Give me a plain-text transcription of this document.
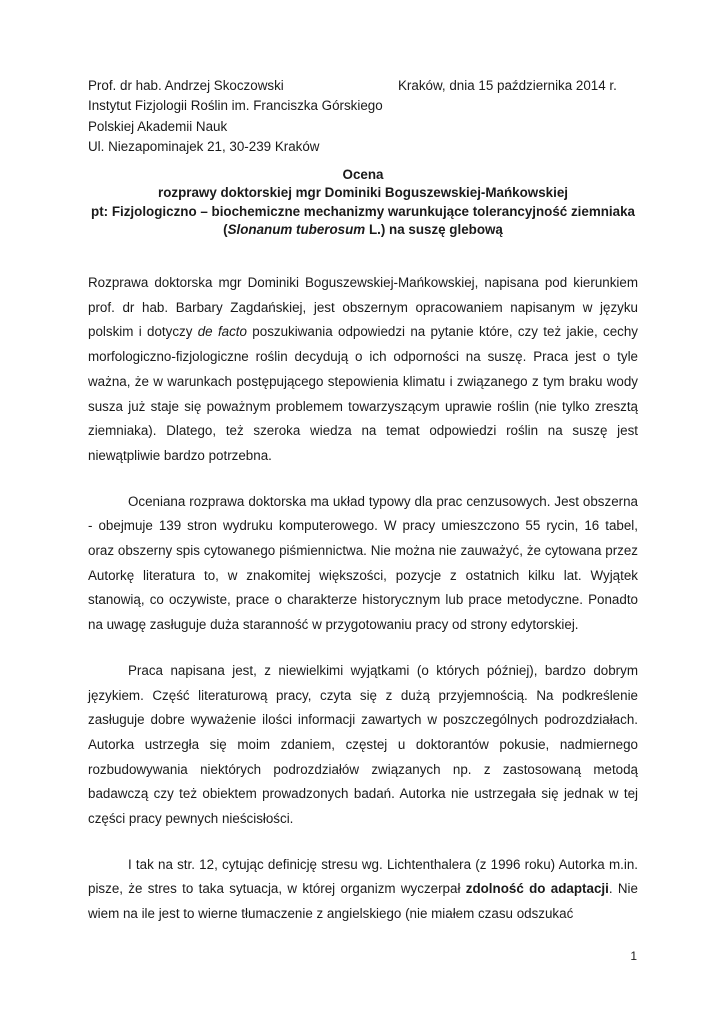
Prof. dr hab. Andrzej Skoczowski
Instytut Fizjologii Roślin im. Franciszka Górskiego
Polskiej Akademii Nauk
Ul. Niezapominajek 21, 30-239 Kraków
Kraków, dnia 15 października 2014 r.
Ocena
rozprawy doktorskiej mgr Dominiki Boguszewskiej-Mańkowskiej
pt: Fizjologiczno – biochemiczne mechanizmy warunkujące tolerancyjność ziemniaka
(Slonanum tuberosum L.) na suszę glebową

Rozprawa doktorska mgr Dominiki Boguszewskiej-Mańkowskiej, napisana pod kierunkiem prof. dr hab. Barbary Zagdańskiej, jest obszernym opracowaniem napisanym w języku polskim i dotyczy de facto poszukiwania odpowiedzi na pytanie które, czy też jakie, cechy morfologiczno-fizjologiczne roślin decydują o ich odporności na suszę. Praca jest o tyle ważna, że w warunkach postępującego stepowienia klimatu i związanego z tym braku wody susza już staje się poważnym problemem towarzyszącym uprawie roślin (nie tylko zresztą ziemniaka). Dlatego, też szeroka wiedza na temat odpowiedzi roślin na suszę jest niewątpliwie bardzo potrzebna.

Oceniana rozprawa doktorska ma układ typowy dla prac cenzusowych. Jest obszerna - obejmuje 139 stron wydruku komputerowego. W pracy umieszczono 55 rycin, 16 tabel, oraz obszerny spis cytowanego piśmiennictwa. Nie można nie zauważyć, że cytowana przez Autorkę literatura to, w znakomitej większości, pozycje z ostatnich kilku lat. Wyjątek stanowią, co oczywiste, prace o charakterze historycznym lub prace metodyczne. Ponadto na uwagę zasługuje duża staranność w przygotowaniu pracy od strony edytorskiej.

Praca napisana jest, z niewielkimi wyjątkami (o których później), bardzo dobrym językiem. Część literaturową pracy, czyta się z dużą przyjemnością. Na podkreślenie zasługuje dobre wyważenie ilości informacji zawartych w poszczególnych podrozdziałach. Autorka ustrzegła się moim zdaniem, częstej u doktorantów pokusie, nadmiernego rozbudowywania niektórych podrozdziałów związanych np. z zastosowaną metodą badawczą czy też obiektem prowadzonych badań. Autorka nie ustrzegała się jednak w tej części pracy pewnych nieścisłości.

I tak na str. 12, cytując definicję stresu wg. Lichtenthalera (z 1996 roku) Autorka m.in. pisze, że stres to taka sytuacja, w której organizm wyczerpał zdolność do adaptacji. Nie wiem na ile jest to wierne tłumaczenie z angielskiego (nie miałem czasu odszukać

1
